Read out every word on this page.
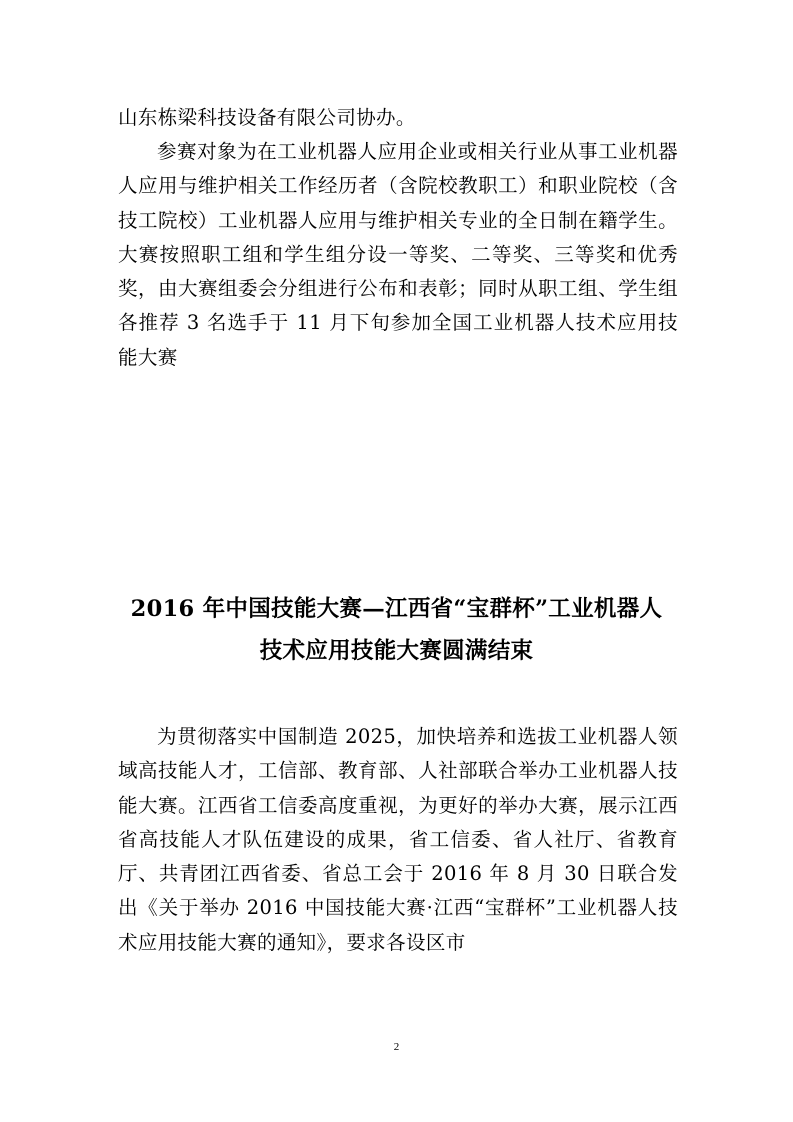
山东栋梁科技设备有限公司协办。

参赛对象为在工业机器人应用企业或相关行业从事工业机器人应用与维护相关工作经历者（含院校教职工）和职业院校（含技工院校）工业机器人应用与维护相关专业的全日制在籍学生。大赛按照职工组和学生组分设一等奖、二等奖、三等奖和优秀奖，由大赛组委会分组进行公布和表彰；同时从职工组、学生组各推荐 3 名选手于 11 月下旬参加全国工业机器人技术应用技能大赛

2016 年中国技能大赛—江西省“宝群杯”工业机器人
技术应用技能大赛圆满结束

为贯彻落实中国制造 2025，加快培养和选拔工业机器人领域高技能人才，工信部、教育部、人社部联合举办工业机器人技能大赛。江西省工信委高度重视，为更好的举办大赛，展示江西省高技能人才队伍建设的成果，省工信委、省人社厅、省教育厅、共青团江西省委、省总工会于 2016 年 8 月 30 日联合发出《关于举办 2016 中国技能大赛·江西“宝群杯”工业机器人技术应用技能大赛的通知》，要求各设区市

2
